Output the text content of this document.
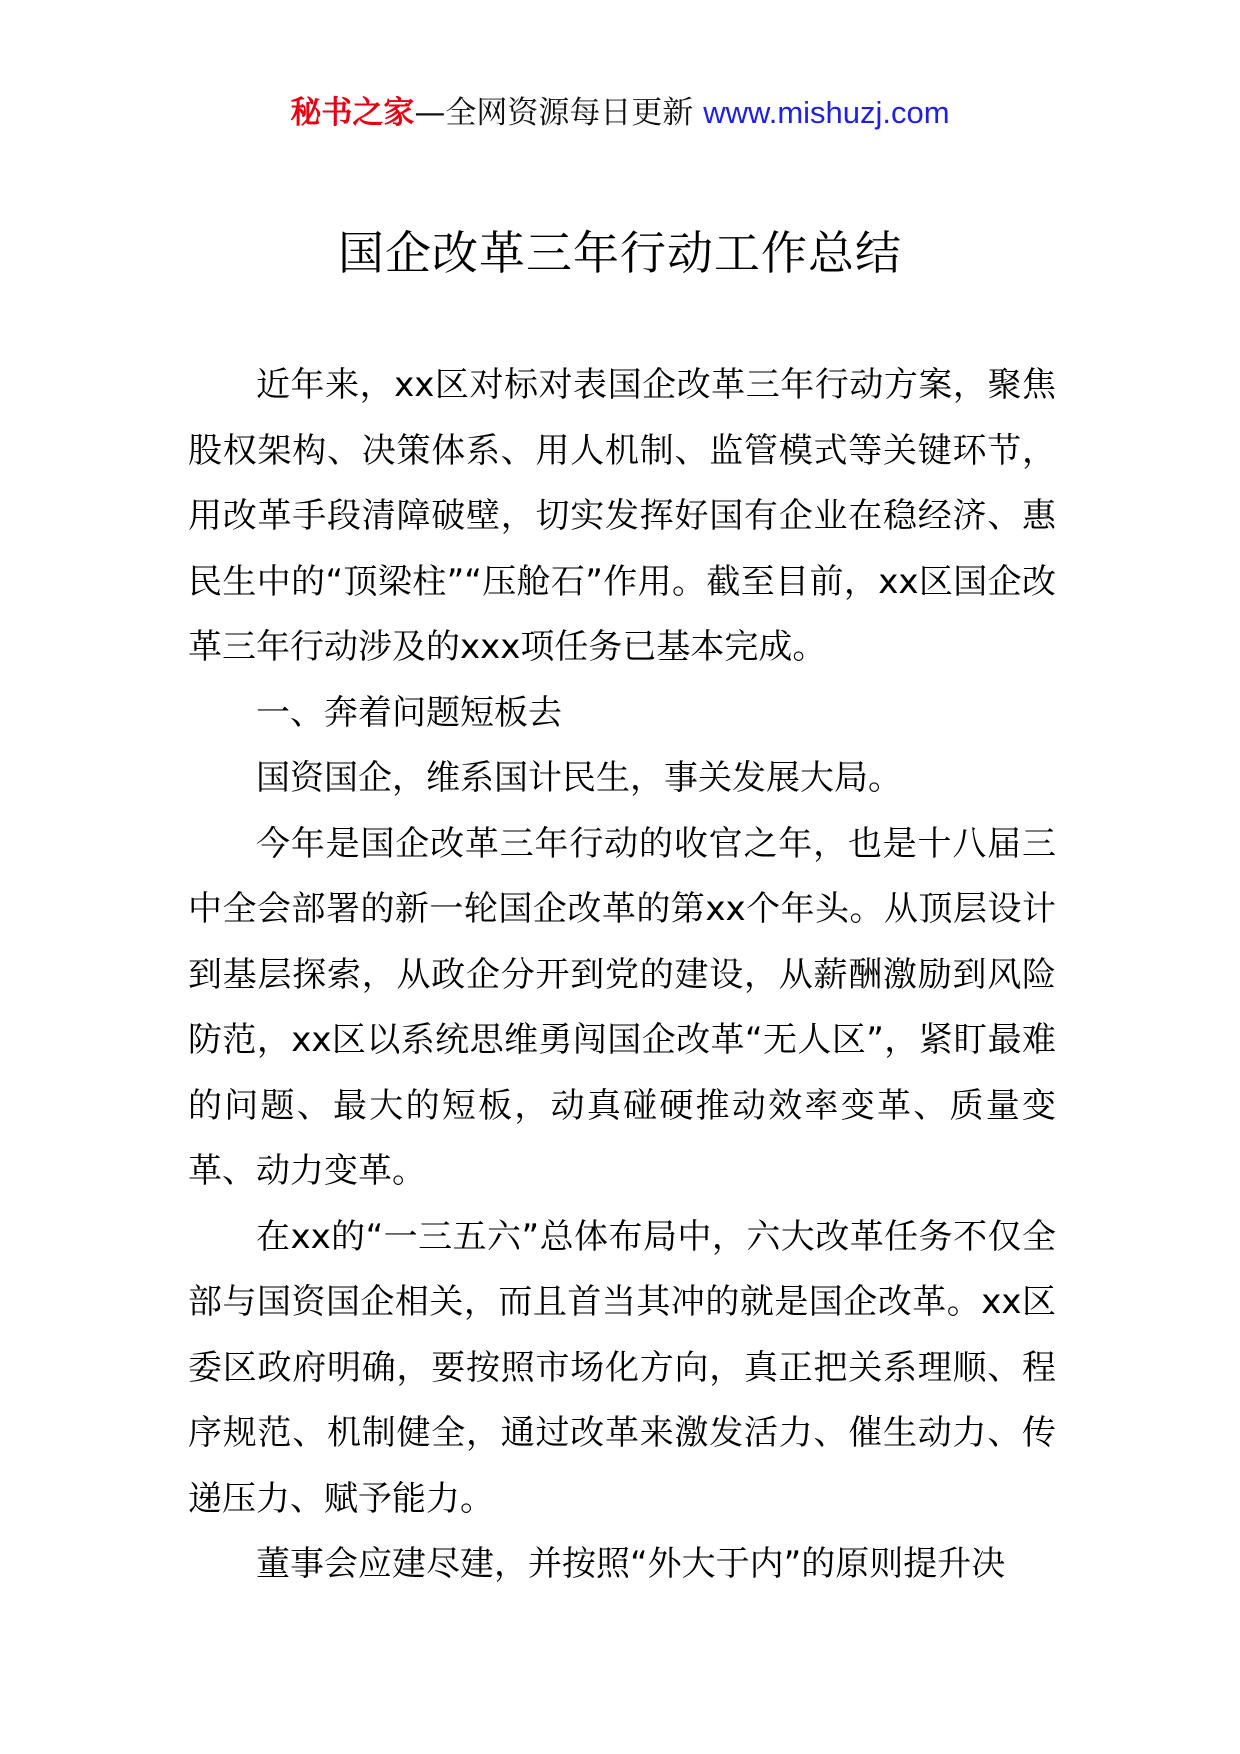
秘书之家—全网资源每日更新 www.mishuzj.com
国企改革三年行动工作总结

近年来，xx区对标对表国企改革三年行动方案，聚焦股权架构、决策体系、用人机制、监管模式等关键环节，用改革手段清障破壁，切实发挥好国有企业在稳经济、惠民生中的“顶梁柱”“压舱石”作用。截至目前，xx区国企改革三年行动涉及的xxx项任务已基本完成。

一、奔着问题短板去

国资国企，维系国计民生，事关发展大局。

今年是国企改革三年行动的收官之年，也是十八届三中全会部署的新一轮国企改革的第xx个年头。从顶层设计到基层探索，从政企分开到党的建设，从薪酬激励到风险防范，xx区以系统思维勇闯国企改革“无人区”，紧盯最难的问题、最大的短板，动真碰硬推动效率变革、质量变革、动力变革。

在xx的“一三五六”总体布局中，六大改革任务不仅全部与国资国企相关，而且首当其冲的就是国企改革。xx区委区政府明确，要按照市场化方向，真正把关系理顺、程序规范、机制健全，通过改革来激发活力、催生动力、传递压力、赋予能力。

董事会应建尽建，并按照“外大于内”的原则提升决
